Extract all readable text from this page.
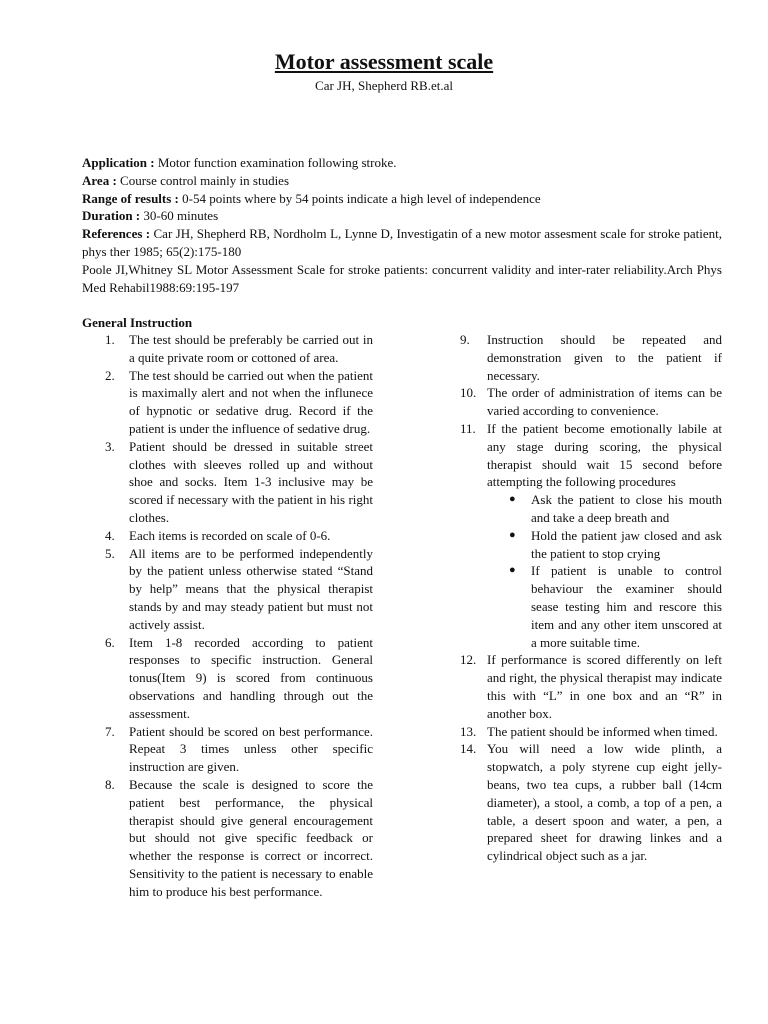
Motor assessment scale
Car JH, Shepherd RB.et.al

Application : Motor function examination following stroke.

Area : Course control mainly in studies

Range of results : 0-54 points where by 54 points indicate a high level of independence

Duration : 30-60 minutes

References : Car JH, Shepherd RB, Nordholm L, Lynne D, Investigatin of a new motor assesment scale for stroke patient, phys ther 1985; 65(2):175-180

Poole JI,Whitney SL Motor Assessment Scale for stroke patients: concurrent validity and inter-rater reliability.Arch Phys Med Rehabil1988:69:195-197

General Instruction
1.	The test should be preferably be carried out in a quite private room or cottoned of area.
2.	The test should be carried out when the patient is maximally alert and not when the influnece of hypnotic or sedative drug. Record if the patient is under the influence of sedative drug.
3.	Patient should be dressed in suitable street clothes with sleeves rolled up and without shoe and socks. Item 1-3 inclusive may be scored if necessary with the patient in his right clothes.
4.	Each items is recorded on scale of 0-6.
5.	All items are to be performed independently by the patient unless otherwise stated “Stand by help” means that the physical therapist stands by and may steady patient but must not actively assist.
6.	Item 1-8 recorded according to patient responses to specific instruction. General tonus(Item 9) is scored from continuous observations and handling through out the assessment.
7.	Patient should be scored on best performance. Repeat 3 times unless other specific instruction are given.
8.	Because the scale is designed to score the patient best performance, the physical therapist should give general encouragement but should not give specific feedback or whether the response is correct or incorrect. Sensitivity to the patient is necessary to enable him to produce his best performance.
9.	Instruction should be repeated and demonstration given to the patient if necessary.
10. The order of administration of items can be varied according to convenience.
11. If the patient become emotionally labile at any stage during scoring, the physical therapist should wait 15 second before attempting the following procedures
● Ask the patient to close his mouth and take a deep breath and
● Hold the patient jaw closed and ask the patient to stop crying
● If patient is unable to control behaviour the examiner should sease testing him and rescore this item and any other item unscored at a more suitable time.
12. If performance is scored differently on left and right, the physical therapist may indicate this with “L” in one box and an “R” in another box.
13. The patient should be informed when timed.
14. You will need a low wide plinth, a stopwatch, a poly styrene cup eight jelly-beans, two tea cups, a rubber ball (14cm diameter), a stool, a comb, a top of a pen, a table, a desert spoon and water, a pen, a prepared sheet for drawing linkes and a cylindrical object such as a jar.
